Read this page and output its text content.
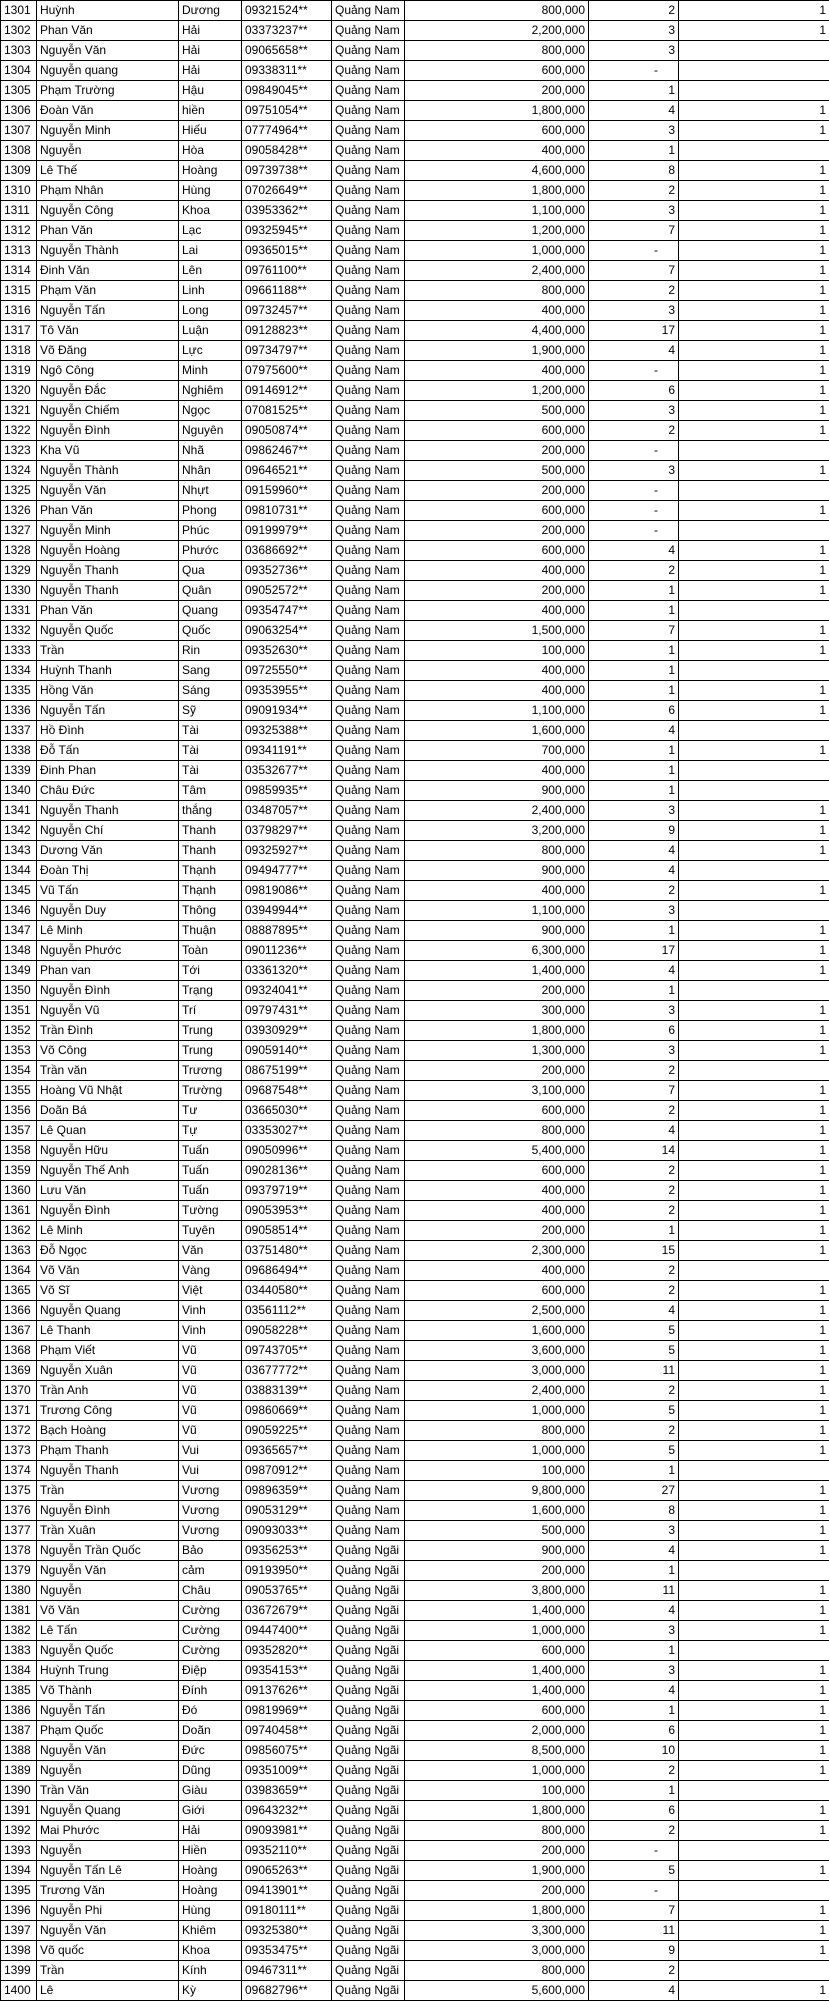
1301	Huỳnh	Dương	09321524**	Quảng Nam	800,000	2	1
1302	Phan Văn	Hải	03373237**	Quảng Nam	2,200,000	3	1
1303	Nguyễn Văn	Hải	09065658**	Quảng Nam	800,000	3	
1304	Nguyễn quang	Hải	09338311**	Quảng Nam	600,000	-	
1305	Phạm Trường	Hậu	09849045**	Quảng Nam	200,000	1	
1306	Đoàn Văn	hiền	09751054**	Quảng Nam	1,800,000	4	1
1307	Nguyễn Minh	Hiếu	07774964**	Quảng Nam	600,000	3	1
1308	Nguyễn	Hòa	09058428**	Quảng Nam	400,000	1	
1309	Lê Thế	Hoàng	09739738**	Quảng Nam	4,600,000	8	1
1310	Phạm Nhân	Hùng	07026649**	Quảng Nam	1,800,000	2	1
1311	Nguyễn Công	Khoa	03953362**	Quảng Nam	1,100,000	3	1
1312	Phan Văn	Lạc	09325945**	Quảng Nam	1,200,000	7	1
1313	Nguyễn Thành	Lai	09365015**	Quảng Nam	1,000,000	-	1
1314	Đinh Văn	Lên	09761100**	Quảng Nam	2,400,000	7	1
1315	Phạm Văn	Linh	09661188**	Quảng Nam	800,000	2	1
1316	Nguyễn Tấn	Long	09732457**	Quảng Nam	400,000	3	1
1317	Tô Văn	Luận	09128823**	Quảng Nam	4,400,000	17	1
1318	Võ Đăng	Lực	09734797**	Quảng Nam	1,900,000	4	1
1319	Ngô Công	Minh	07975600**	Quảng Nam	400,000	-	1
1320	Nguyễn Đắc	Nghiêm	09146912**	Quảng Nam	1,200,000	6	1
1321	Nguyễn Chiếm	Ngọc	07081525**	Quảng Nam	500,000	3	1
1322	Nguyễn Đình	Nguyên	09050874**	Quảng Nam	600,000	2	1
1323	Kha Vũ	Nhã	09862467**	Quảng Nam	200,000	-	
1324	Nguyễn Thành	Nhân	09646521**	Quảng Nam	500,000	3	1
1325	Nguyễn Văn	Nhựt	09159960**	Quảng Nam	200,000	-	
1326	Phan Văn	Phong	09810731**	Quảng Nam	600,000	-	1
1327	Nguyễn Minh	Phúc	09199979**	Quảng Nam	200,000	-	
1328	Nguyễn Hoàng	Phước	03686692**	Quảng Nam	600,000	4	1
1329	Nguyễn Thanh	Qua	09352736**	Quảng Nam	400,000	2	1
1330	Nguyễn Thanh	Quân	09052572**	Quảng Nam	200,000	1	1
1331	Phan Văn	Quang	09354747**	Quảng Nam	400,000	1	
1332	Nguyễn Quốc	Quốc	09063254**	Quảng Nam	1,500,000	7	1
1333	Trần	Rin	09352630**	Quảng Nam	100,000	1	1
1334	Huỳnh Thanh	Sang	09725550**	Quảng Nam	400,000	1	
1335	Hồng Văn	Sáng	09353955**	Quảng Nam	400,000	1	1
1336	Nguyễn Tấn	Sỹ	09091934**	Quảng Nam	1,100,000	6	1
1337	Hồ Đình	Tài	09325388**	Quảng Nam	1,600,000	4	
1338	Đỗ Tấn	Tài	09341191**	Quảng Nam	700,000	1	1
1339	Đinh Phan	Tài	03532677**	Quảng Nam	400,000	1	
1340	Châu Đức	Tâm	09859935**	Quảng Nam	900,000	1	
1341	Nguyễn Thanh	thắng	03487057**	Quảng Nam	2,400,000	3	1
1342	Nguyễn Chí	Thanh	03798297**	Quảng Nam	3,200,000	9	1
1343	Dương Văn	Thanh	09325927**	Quảng Nam	800,000	4	1
1344	Đoàn Thị	Thạnh	09494777**	Quảng Nam	900,000	4	
1345	Vũ Tấn	Thạnh	09819086**	Quảng Nam	400,000	2	1
1346	Nguyễn Duy	Thông	03949944**	Quảng Nam	1,100,000	3	
1347	Lê Minh	Thuận	08887895**	Quảng Nam	900,000	1	1
1348	Nguyễn Phước	Toàn	09011236**	Quảng Nam	6,300,000	17	1
1349	Phan van	Tới	03361320**	Quảng Nam	1,400,000	4	1
1350	Nguyễn Đình	Trạng	09324041**	Quảng Nam	200,000	1	
1351	Nguyễn Vũ	Trí	09797431**	Quảng Nam	300,000	3	1
1352	Trần Đình	Trung	03930929**	Quảng Nam	1,800,000	6	1
1353	Võ Công	Trung	09059140**	Quảng Nam	1,300,000	3	1
1354	Trần văn	Trương	08675199**	Quảng Nam	200,000	2	
1355	Hoàng Vũ Nhật	Trường	09687548**	Quảng Nam	3,100,000	7	1
1356	Doãn Bá	Tư	03665030**	Quảng Nam	600,000	2	1
1357	Lê Quan	Tự	03353027**	Quảng Nam	800,000	4	1
1358	Nguyễn Hữu	Tuấn	09050996**	Quảng Nam	5,400,000	14	1
1359	Nguyễn Thế Anh	Tuấn	09028136**	Quảng Nam	600,000	2	1
1360	Lưu Văn	Tuấn	09379719**	Quảng Nam	400,000	2	1
1361	Nguyễn Đình	Tường	09053953**	Quảng Nam	400,000	2	1
1362	Lê Minh	Tuyên	09058514**	Quảng Nam	200,000	1	1
1363	Đỗ Ngọc	Văn	03751480**	Quảng Nam	2,300,000	15	1
1364	Võ Văn	Vàng	09686494**	Quảng Nam	400,000	2	
1365	Võ Sĩ	Việt	03440580**	Quảng Nam	600,000	2	1
1366	Nguyễn Quang	Vinh	03561112**	Quảng Nam	2,500,000	4	1
1367	Lê Thanh	Vinh	09058228**	Quảng Nam	1,600,000	5	1
1368	Phạm Viết	Vũ	09743705**	Quảng Nam	3,600,000	5	1
1369	Nguyễn Xuân	Vũ	03677772**	Quảng Nam	3,000,000	11	1
1370	Trần Anh	Vũ	03883139**	Quảng Nam	2,400,000	2	1
1371	Trương Công	Vũ	09860669**	Quảng Nam	1,000,000	5	1
1372	Bạch Hoàng	Vũ	09059225**	Quảng Nam	800,000	2	1
1373	Phạm Thanh	Vui	09365657**	Quảng Nam	1,000,000	5	1
1374	Nguyễn Thanh	Vui	09870912**	Quảng Nam	100,000	1	
1375	Trần	Vương	09896359**	Quảng Nam	9,800,000	27	1
1376	Nguyễn Đình	Vương	09053129**	Quảng Nam	1,600,000	8	1
1377	Trần Xuân	Vương	09093033**	Quảng Nam	500,000	3	1
1378	Nguyễn Trần Quốc	Bảo	09356253**	Quảng Ngãi	900,000	4	1
1379	Nguyễn Văn	cảm	09193950**	Quảng Ngãi	200,000	1	
1380	Nguyễn	Châu	09053765**	Quảng Ngãi	3,800,000	11	1
1381	Võ Văn	Cường	03672679**	Quảng Ngãi	1,400,000	4	1
1382	Lê Tấn	Cường	09447400**	Quảng Ngãi	1,000,000	3	1
1383	Nguyễn Quốc	Cường	09352820**	Quảng Ngãi	600,000	1	
1384	Huỳnh Trung	Điệp	09354153**	Quảng Ngãi	1,400,000	3	1
1385	Võ Thành	Đính	09137626**	Quảng Ngãi	1,400,000	4	1
1386	Nguyễn Tấn	Đó	09819969**	Quảng Ngãi	600,000	1	1
1387	Phạm Quốc	Doãn	09740458**	Quảng Ngãi	2,000,000	6	1
1388	Nguyễn Văn	Đức	09856075**	Quảng Ngãi	8,500,000	10	1
1389	Nguyễn	Dũng	09351009**	Quảng Ngãi	1,000,000	2	1
1390	Trần Văn	Giàu	03983659**	Quảng Ngãi	100,000	1	
1391	Nguyễn Quang	Giới	09643232**	Quảng Ngãi	1,800,000	6	1
1392	Mai Phước	Hải	09093981**	Quảng Ngãi	800,000	2	1
1393	Nguyễn	Hiền	09352110**	Quảng Ngãi	200,000	-	
1394	Nguyễn Tấn Lê	Hoàng	09065263**	Quảng Ngãi	1,900,000	5	1
1395	Trương Văn	Hoàng	09413901**	Quảng Ngãi	200,000	-	
1396	Nguyễn Phi	Hùng	09180111**	Quảng Ngãi	1,800,000	7	1
1397	Nguyễn Văn	Khiêm	09325380**	Quảng Ngãi	3,300,000	11	1
1398	Võ quốc	Khoa	09353475**	Quảng Ngãi	3,000,000	9	1
1399	Trần	Kính	09467311**	Quảng Ngãi	800,000	2	
1400	Lê	Kỳ	09682796**	Quảng Ngãi	5,600,000	4	1
